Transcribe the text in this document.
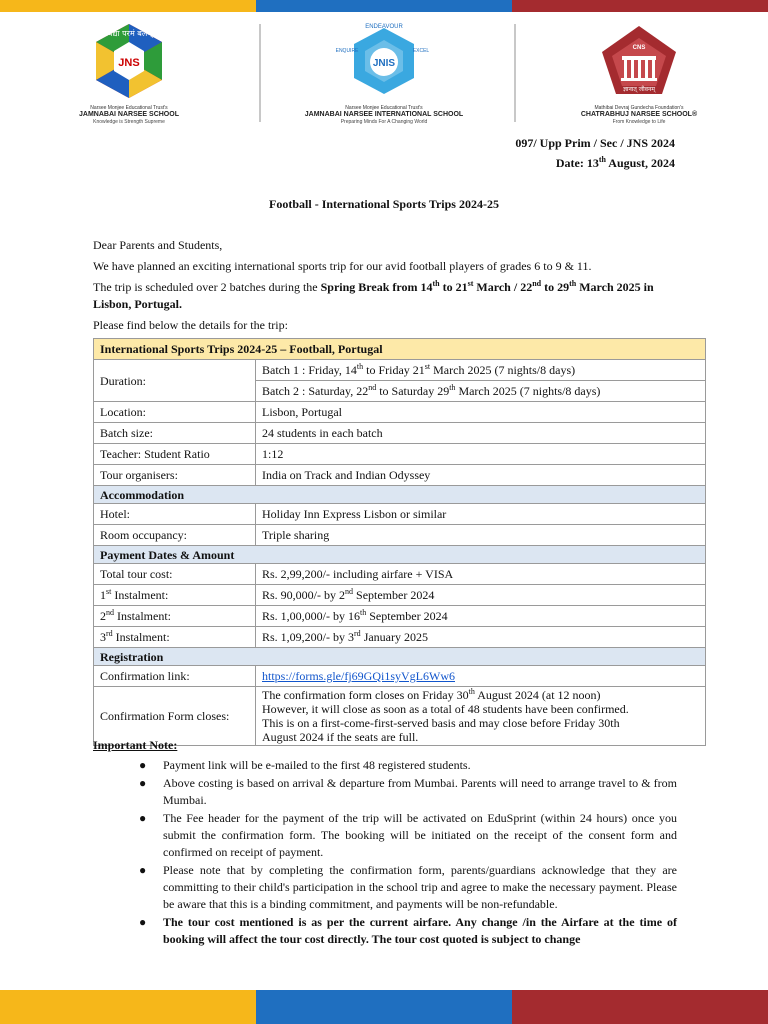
JNS
विद्या परमं बलम्
Narsee Monjee Educational Trust's
JAMNABAI NARSEE SCHOOL
Knowledge is Strength Supreme
JNIS
ENDEAVOUR
ENQUIRE	EXCEL
Narsee Monjee Educational Trust's
JAMNABAI NARSEE INTERNATIONAL SCHOOL
Preparing Minds For A Changing World
CNS
ज्ञानात् जीवनम्
Mathibai Devraj Gundecha Foundation's
CHATRABHUJ NARSEE SCHOOL®
From Knowledge to Life
097/ Upp Prim / Sec / JNS 2024
Date: 13th August, 2024
Football - International Sports Trips 2024-25
Dear Parents and Students,
We have planned an exciting international sports trip for our avid football players of grades 6 to 9 & 11.
The trip is scheduled over 2 batches during the Spring Break from 14th to 21st March / 22nd to 29th March 2025 in Lisbon, Portugal.
Please find below the details for the trip:
International Sports Trips 2024-25 – Football, Portugal	
Duration:	Batch 1 : Friday, 14th to Friday 21st March 2025 (7 nights/8 days)
	Batch 2 : Saturday, 22nd to Saturday 29th March 2025 (7 nights/8 days)
Location:	Lisbon, Portugal
Batch size:	24 students in each batch
Teacher: Student Ratio	1:12
Tour organisers:	India on Track and Indian Odyssey
Accommodation	
Hotel:	Holiday Inn Express Lisbon or similar
Room occupancy:	Triple sharing
Payment Dates & Amount	
Total tour cost:	Rs. 2,99,200/- including airfare + VISA
1st Instalment:	Rs. 90,000/- by 2nd September 2024
2nd Instalment:	Rs. 1,00,000/- by 16th September 2024
3rd Instalment:	Rs. 1,09,200/- by 3rd January 2025
Registration	
Confirmation link:	https://forms.gle/fj69GQi1syVgL6Ww6
Confirmation Form closes:	The confirmation form closes on Friday 30th August 2024 (at 12 noon)
However, it will close as soon as a total of 48 students have been confirmed.
This is on a first-come-first-served basis and may close before Friday 30th
August 2024 if the seats are full.
Important Note:
● Payment link will be e-mailed to the first 48 registered students.
● Above costing is based on arrival & departure from Mumbai. Parents will need to arrange travel to & from Mumbai.
● The Fee header for the payment of the trip will be activated on EduSprint (within 24 hours) once you submit the confirmation form. The booking will be initiated on the receipt of the consent form and confirmed on receipt of payment.
● Please note that by completing the confirmation form, parents/guardians acknowledge that they are committing to their child's participation in the school trip and agree to make the necessary payment. Please be aware that this is a binding commitment, and payments will be non-refundable.
● The tour cost mentioned is as per the current airfare. Any change /in the Airfare at the time of booking will affect the tour cost directly. The tour cost quoted is subject to change
